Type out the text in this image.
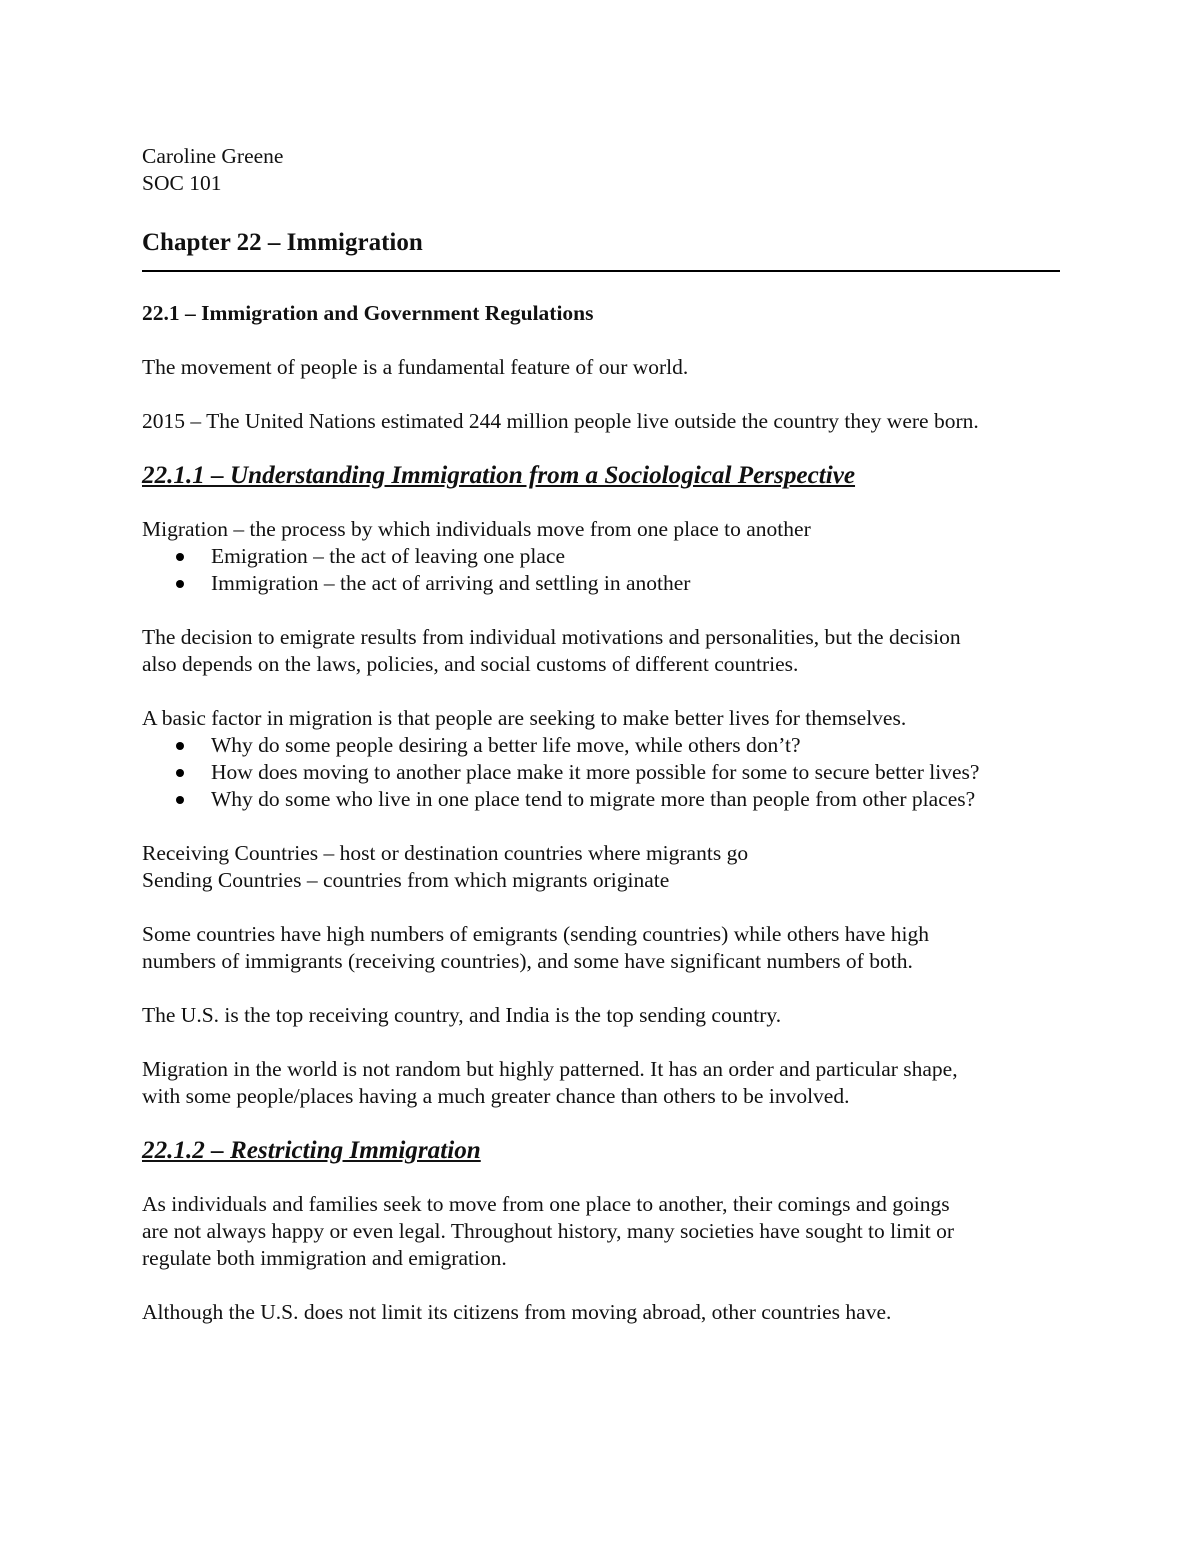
Caroline Greene

SOC 101

Chapter 22 – Immigration
22.1 – Immigration and Government Regulations

The movement of people is a fundamental feature of our world.

2015 – The United Nations estimated 244 million people live outside the country they were born.

22.1.1 – Understanding Immigration from a Sociological Perspective

Migration – the process by which individuals move from one place to another

Emigration – the act of leaving one place
Immigration – the act of arriving and settling in another

The decision to emigrate results from individual motivations and personalities, but the decision

also depends on the laws, policies, and social customs of different countries.

A basic factor in migration is that people are seeking to make better lives for themselves.

Why do some people desiring a better life move, while others don’t?
How does moving to another place make it more possible for some to secure better lives?
Why do some who live in one place tend to migrate more than people from other places?

Receiving Countries – host or destination countries where migrants go

Sending Countries – countries from which migrants originate

Some countries have high numbers of emigrants (sending countries) while others have high

numbers of immigrants (receiving countries), and some have significant numbers of both.

The U.S. is the top receiving country, and India is the top sending country.

Migration in the world is not random but highly patterned. It has an order and particular shape,

with some people/places having a much greater chance than others to be involved.

22.1.2 – Restricting Immigration

As individuals and families seek to move from one place to another, their comings and goings

are not always happy or even legal. Throughout history, many societies have sought to limit or

regulate both immigration and emigration.

Although the U.S. does not limit its citizens from moving abroad, other countries have.
